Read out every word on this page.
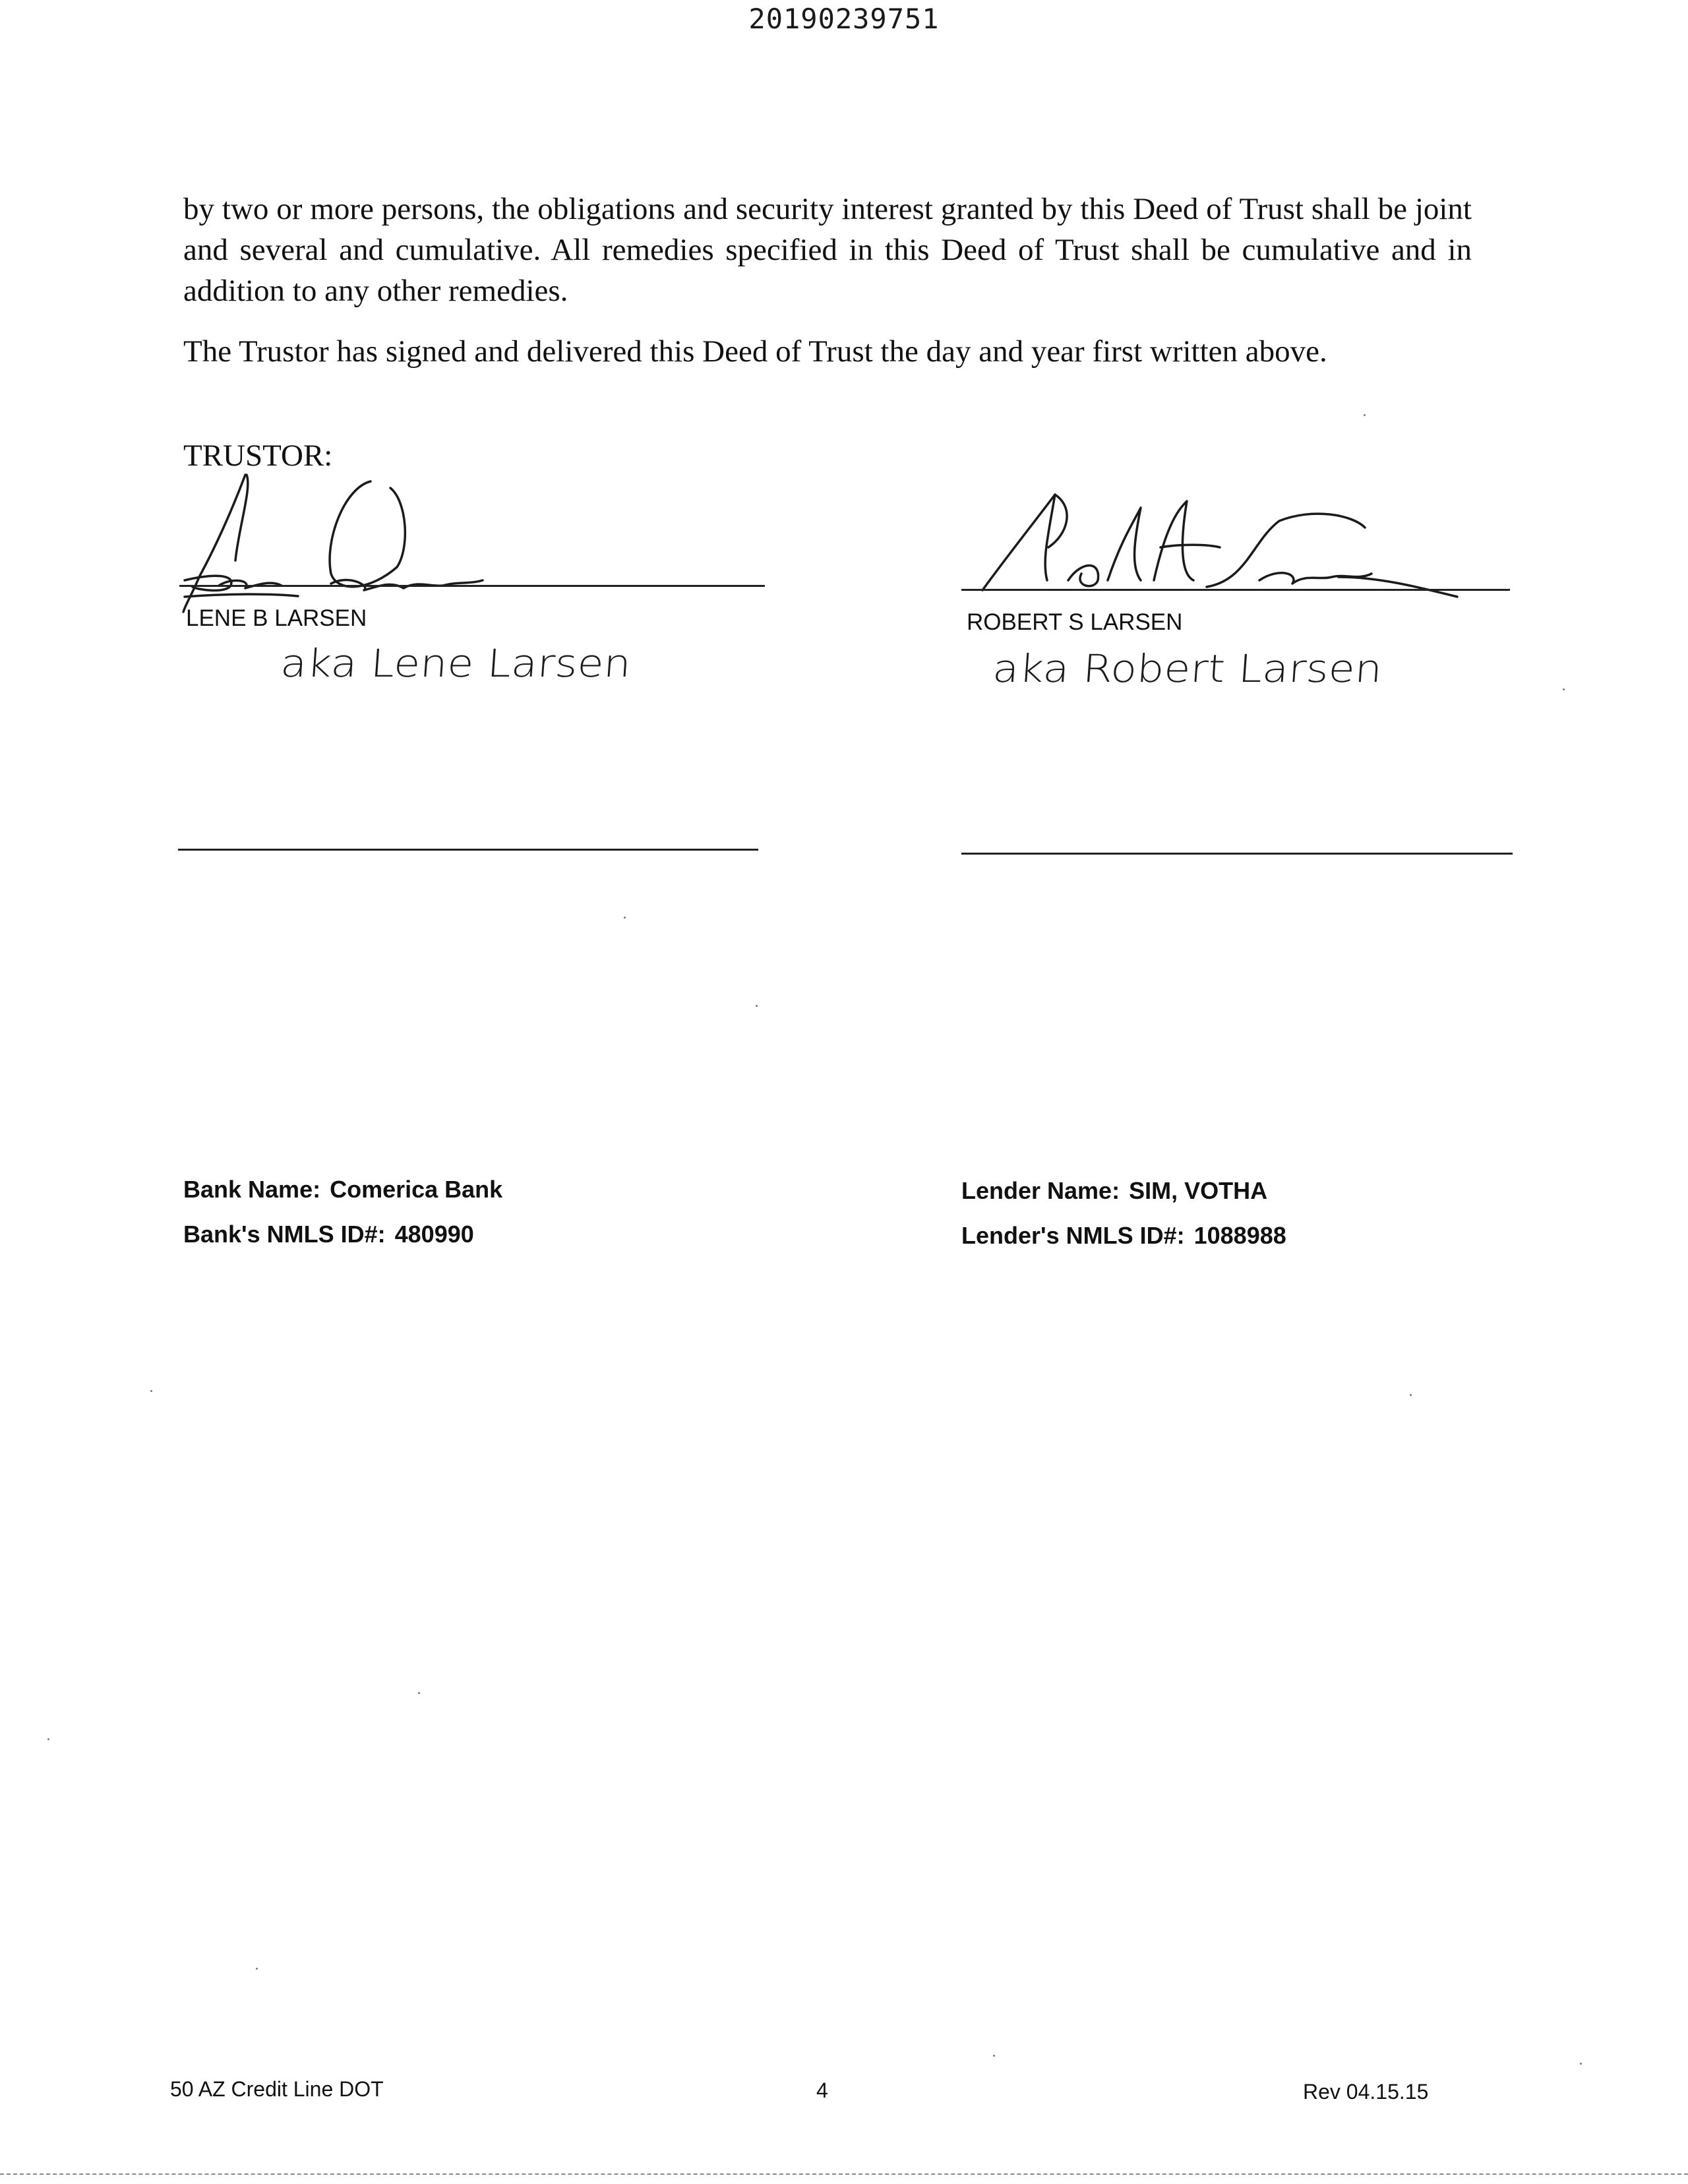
20190239751

by two or more persons, the obligations and security interest granted by this Deed of Trust shall be joint and several and cumulative. All remedies specified in this Deed of Trust shall be cumulative and in addition to any other remedies.

The Trustor has signed and delivered this Deed of Trust the day and year first written above.

TRUSTOR:
LENE B LARSEN
aka Lene Larsen
ROBERT S LARSEN
aka Robert Larsen
Bank Name: Comerica Bank
Bank's NMLS ID#: 480990
Lender Name: SIM, VOTHA
Lender's NMLS ID#: 1088988
50 AZ Credit Line DOT	4	Rev 04.15.15
